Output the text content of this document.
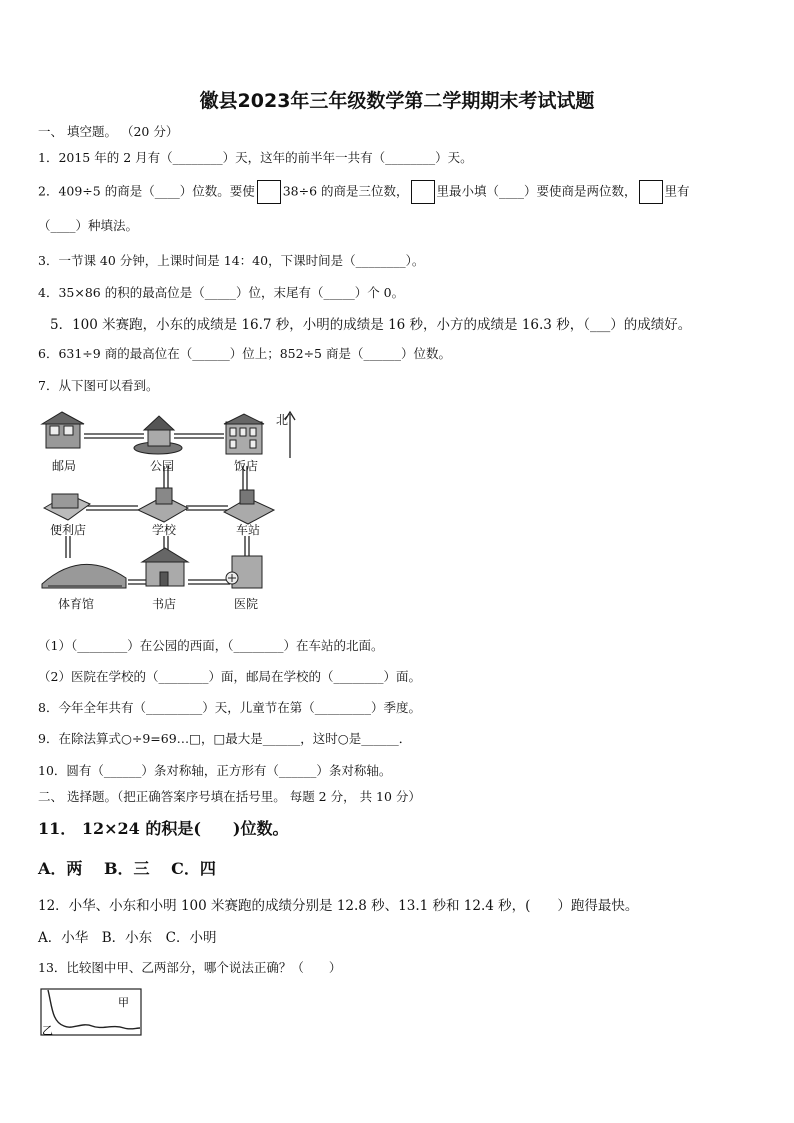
徽县2023年三年级数学第二学期期末考试试题
一、 填空题。 （20 分）
1．2015 年的 2 月有（________）天，这年的前半年一共有（________）天。
2．409÷5 的商是（____）位数。要使 38÷6 的商是三位数， 里最小填（____）要使商是两位数， 里有
（____）种填法。
3．一节课 40 分钟，上课时间是 14：40，下课时间是（________）。
4．35×86 的积的最高位是（_____）位，末尾有（_____）个 0。
5．100 米赛跑，小东的成绩是 16.7 秒，小明的成绩是 16 秒，小方的成绩是 16.3 秒，（___）的成绩好。
6．631÷9 商的最高位在（______）位上；852÷5 商是（______）位数。
7．从下图可以看到。
北
邮局	公园	饭店
便利店	学校	车站
体育馆	书店	医院
（1）（________）在公园的西面，（________）在车站的北面。
（2）医院在学校的（________）面，邮局在学校的（________）面。
8．今年全年共有（_________）天，儿童节在第（_________）季度。
9．在除法算式○÷9=69…□，□最大是______，这时○是______．
10．圆有（______）条对称轴，正方形有（______）条对称轴。
二、 选择题。（把正确答案序号填在括号里。 每题 2 分， 共 10 分）
11． 12×24 的积是(　　)位数。
A．两　 B．三　 C．四
12．小华、小东和小明 100 米赛跑的成绩分别是 12.8 秒、13.1 秒和 12.4 秒，(　　）跑得最快。
A．小华　B．小东　C．小明
13．比较图中甲、乙两部分，哪个说法正确？（　　）
甲
乙
